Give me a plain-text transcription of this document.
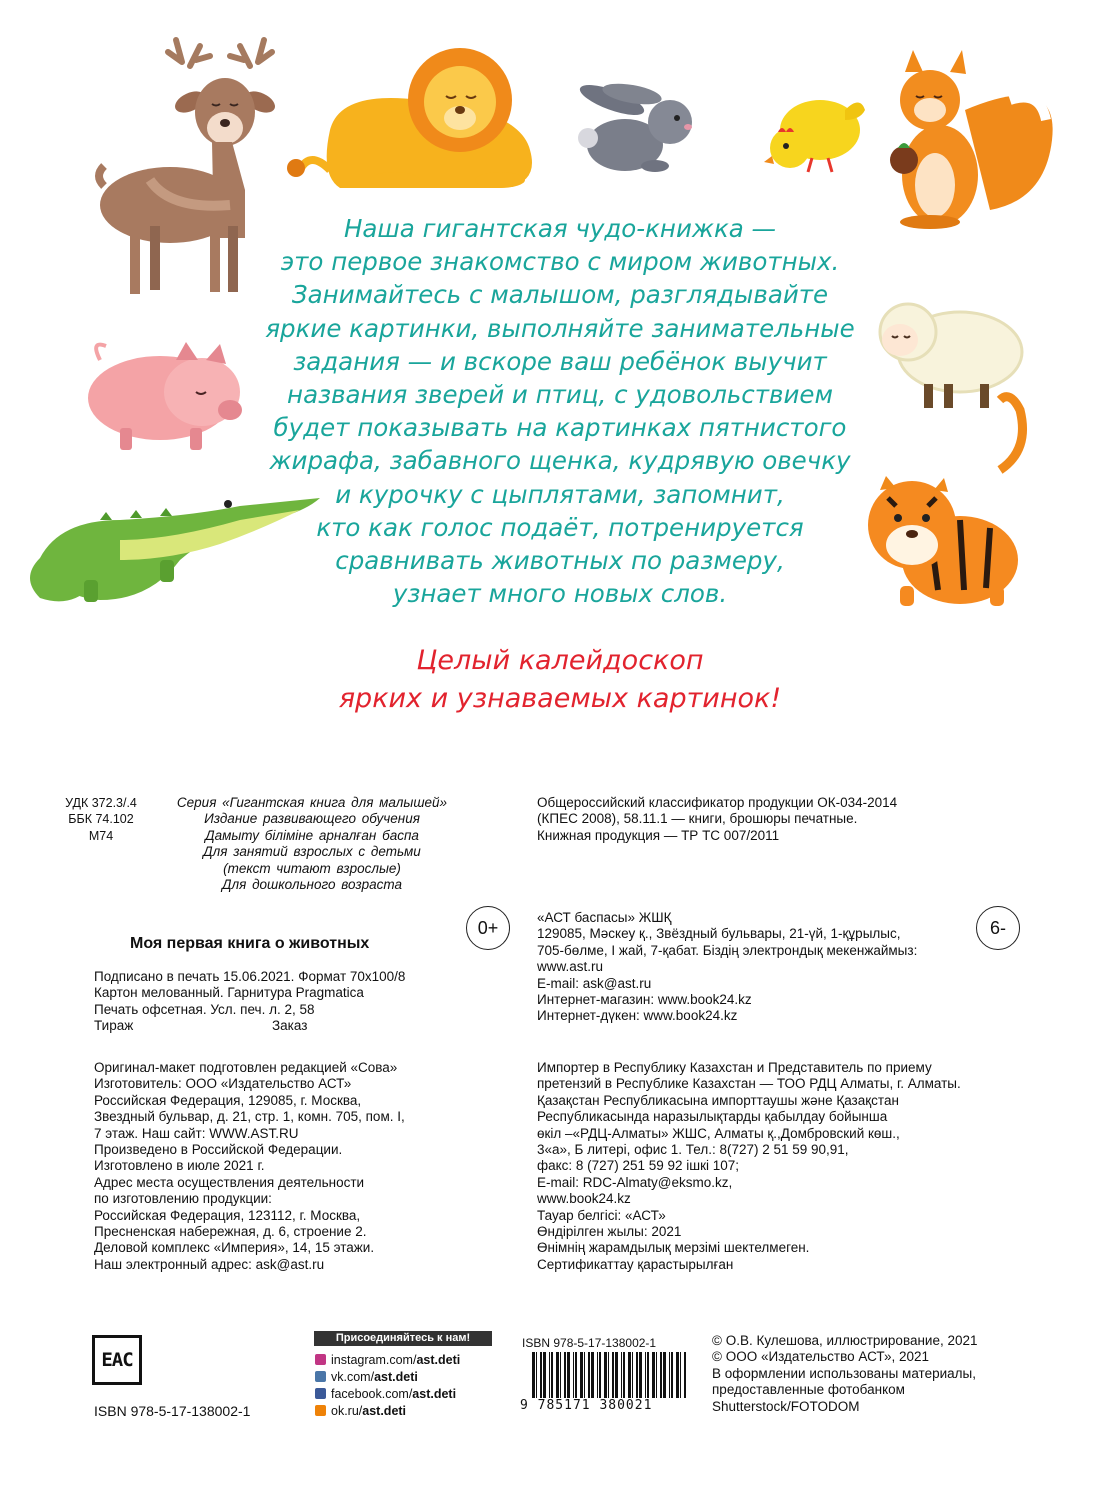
Наша гигантская чудо-книжка —
это первое знакомство с миром животных.
Занимайтесь с малышом, разглядывайте
яркие картинки, выполняйте занимательные
задания — и вскоре ваш ребёнок выучит
названия зверей и птиц, с удовольствием
будет показывать на картинках пятнистого
жирафа, забавного щенка, кудрявую овечку
и курочку с цыплятами, запомнит,
кто как голос подаёт, потренируется
сравнивать животных по размеру,
узнает много новых слов.
Целый калейдоскоп
ярких и узнаваемых картинок!
УДК 372.3/.4
ББК 74.102
М74
Серия «Гигантская книга для малышей»
Издание развивающего обучения
Дамыту біліміне арналған баспа
Для занятий взрослых с детьми
(текст читают взрослые)
Для дошкольного возраста
Общероссийский классификатор продукции ОК-034-2014
(КПЕС 2008), 58.11.1 — книги, брошюры печатные.
Книжная продукция — ТР ТС 007/2011
0+	6-
Моя первая книга о животных
Подписано в печать 15.06.2021. Формат 70x100/8
Картон мелованный. Гарнитура Pragmatica
Печать офсетная. Усл. печ. л. 2, 58
Тираж	Заказ
Оригинал-макет подготовлен редакцией «Сова»
Изготовитель: ООО «Издательство АСТ»
Российская Федерация, 129085, г. Москва,
Звездный бульвар, д. 21, стр. 1, комн. 705, пом. I,
7 этаж. Наш сайт: WWW.AST.RU
Произведено в Российской Федерации.
Изготовлено в июле 2021 г.
Адрес места осуществления деятельности
по изготовлению продукции:
Российская Федерация, 123112, г. Москва,
Пресненская набережная, д. 6, строение 2.
Деловой комплекс «Империя», 14, 15 этажи.
Наш электронный адрес: ask@ast.ru
«АСТ баспасы» ЖШҚ
129085, Мәскеу қ., Звёздный бульвары, 21-үй, 1-құрылыс,
705-бөлме, I жай, 7-қабат. Біздің электрондық мекенжаймыз:
www.ast.ru
E-mail: ask@ast.ru
Интернет-магазин: www.book24.kz
Интернет-дүкен: www.book24.kz
Импортер в Республику Казахстан и Представитель по приему
претензий в Республике Казахстан — ТОО РДЦ Алматы, г. Алматы.
Қазақстан Республикасына импорттаушы және Қазақстан
Республикасында наразылықтарды қабылдау бойынша
өкіл –«РДЦ-Алматы» ЖШС, Алматы қ.,Домбровский көш.,
3«а», Б литері, офис 1. Тел.: 8(727) 2 51 59 90,91,
факс: 8 (727) 251 59 92 ішкі 107;
E-mail: RDC-Almaty@eksmo.kz,
www.book24.kz
Тауар белгісі: «АСТ»
Өндірілген жылы: 2021
Өнімнің жарамдылық мерзімі шектелмеген.
Сертификаттау қарастырылған
EAC
ISBN 978-5-17-138002-1
Присоединяйтесь к нам!
instagram.com/ ast.deti
vk.com/ ast.deti
facebook.com/ ast.deti
ok.ru/ ast.deti
ISBN 978-5-17-138002-1
9 785171 380021
© О.В. Кулешова, иллюстрирование, 2021
© ООО «Издательство АСТ», 2021
В оформлении использованы материалы,
предоставленные фотобанком
Shutterstock/FOTODOM
